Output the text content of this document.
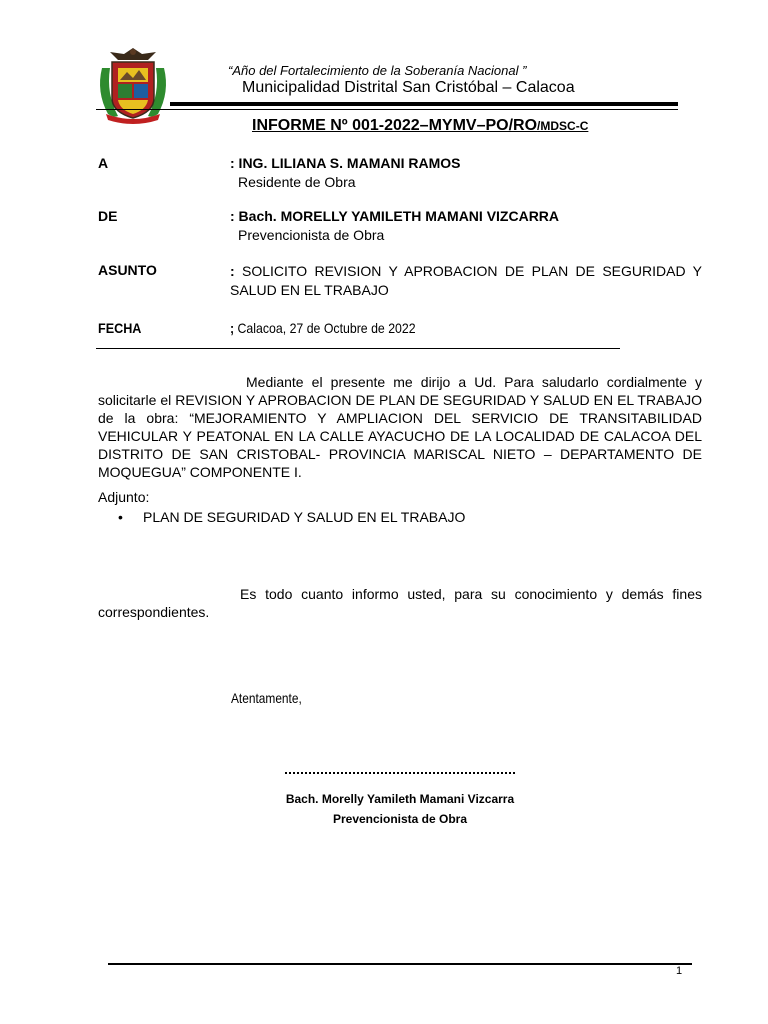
“Año del Fortalecimiento de la Soberanía Nacional ”
Municipalidad Distrital San Cristóbal – Calacoa
INFORME Nº 001-2022–MYMV–PO/RO/MDSC-C
A	: ING. LILIANA S. MAMANI RAMOS
Residente de Obra
DE	: Bach. MORELLY YAMILETH MAMANI VIZCARRA
Prevencionista de Obra
ASUNTO	: SOLICITO REVISION Y APROBACION DE PLAN DE SEGURIDAD Y SALUD EN EL TRABAJO
FECHA	; Calacoa, 27 de Octubre de 2022
Mediante el presente me dirijo a Ud. Para saludarlo cordialmente y solicitarle el REVISION Y APROBACION DE PLAN DE SEGURIDAD Y SALUD EN EL TRABAJO de la obra: “MEJORAMIENTO Y AMPLIACION DEL SERVICIO DE TRANSITABILIDAD VEHICULAR Y PEATONAL EN LA CALLE AYACUCHO DE LA LOCALIDAD DE CALACOA DEL DISTRITO DE SAN CRISTOBAL- PROVINCIA MARISCAL NIETO – DEPARTAMENTO DE MOQUEGUA” COMPONENTE I.
Adjunto:
• PLAN DE SEGURIDAD Y SALUD EN EL TRABAJO
Es todo cuanto informo usted, para su conocimiento y demás fines correspondientes.
Atentamente,
Bach. Morelly Yamileth Mamani Vizcarra
Prevencionista de Obra
1
